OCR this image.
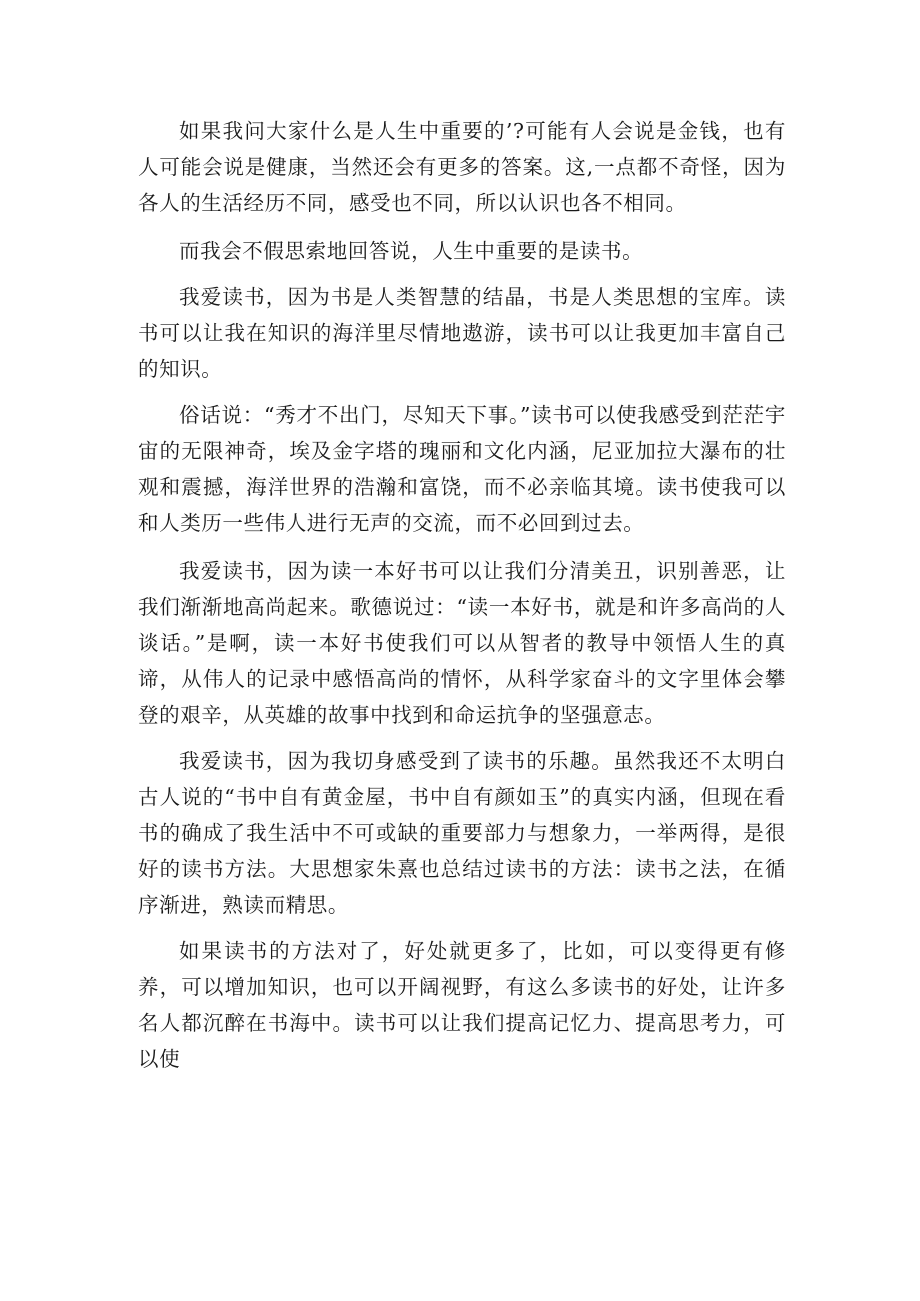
如果我问大家什么是人生中重要的’?可能有人会说是金钱，也有人可能会说是健康，当然还会有更多的答案。这,一点都不奇怪，因为各人的生活经历不同，感受也不同，所以认识也各不相同。

而我会不假思索地回答说，人生中重要的是读书。

我爱读书，因为书是人类智慧的结晶，书是人类思想的宝库。读书可以让我在知识的海洋里尽情地遨游，读书可以让我更加丰富自己的知识。

俗话说：“秀才不出门，尽知天下事。”读书可以使我感受到茫茫宇宙的无限神奇，埃及金字塔的瑰丽和文化内涵，尼亚加拉大瀑布的壮观和震撼，海洋世界的浩瀚和富饶，而不必亲临其境。读书使我可以和人类历一些伟人进行无声的交流，而不必回到过去。

我爱读书，因为读一本好书可以让我们分清美丑，识别善恶，让我们渐渐地高尚起来。歌德说过：“读一本好书，就是和许多高尚的人谈话。”是啊，读一本好书使我们可以从智者的教导中领悟人生的真谛，从伟人的记录中感悟高尚的情怀，从科学家奋斗的文字里体会攀登的艰辛，从英雄的故事中找到和命运抗争的坚强意志。

我爱读书，因为我切身感受到了读书的乐趣。虽然我还不太明白古人说的“书中自有黄金屋，书中自有颜如玉”的真实内涵，但现在看书的确成了我生活中不可或缺的重要部力与想象力，一举两得，是很好的读书方法。大思想家朱熹也总结过读书的方法：读书之法，在循序渐进，熟读而精思。

如果读书的方法对了，好处就更多了，比如，可以变得更有修养，可以增加知识，也可以开阔视野，有这么多读书的好处，让许多名人都沉醉在书海中。读书可以让我们提高记忆力、提高思考力，可以使
